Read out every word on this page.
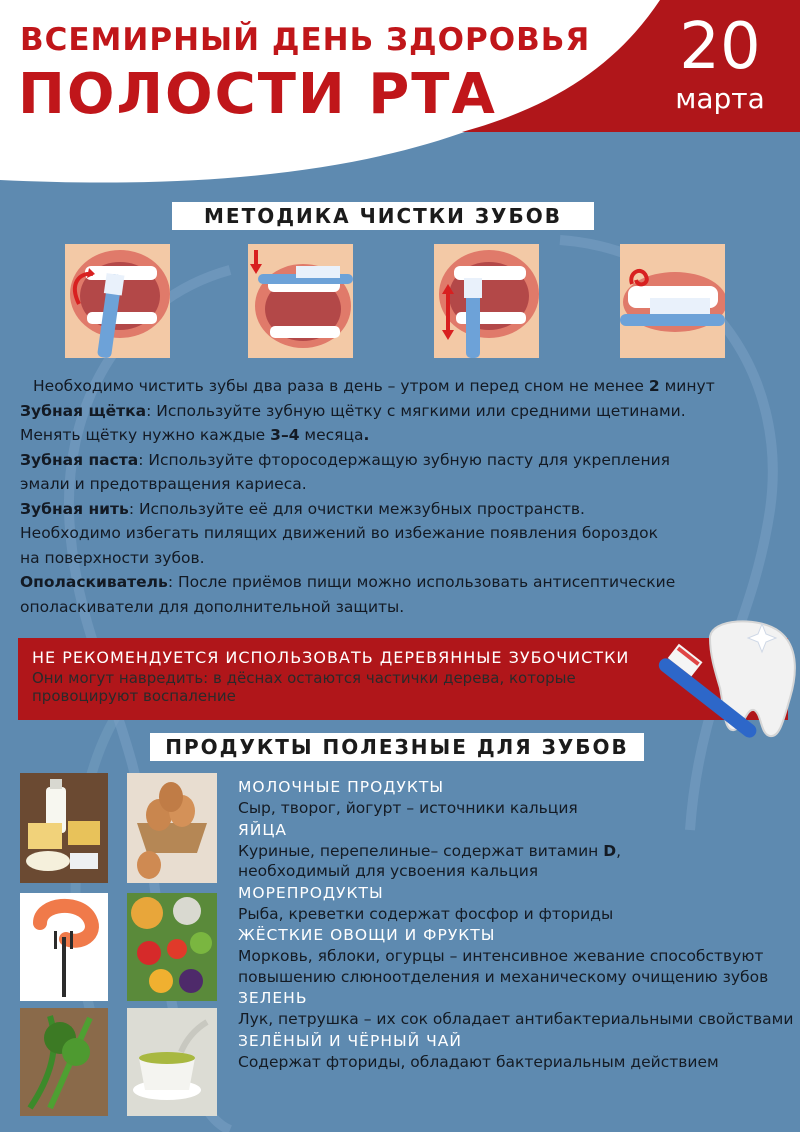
ВСЕМИРНЫЙ ДЕНЬ ЗДОРОВЬЯ
ПОЛОСТИ РТА
20
марта
МЕТОДИКА ЧИСТКИ ЗУБОВ

Необходимо чистить зубы два раза в день – утром и перед сном не менее 2 минут

Зубная щётка: Используйте зубную щётку с мягкими или средними щетинами.

Менять щётку нужно каждые 3–4 месяца.

Зубная паста: Используйте фторосодержащую зубную пасту для укрепления

эмали и предотвращения кариеса.

Зубная нить: Используйте её для очистки межзубных пространств.

Необходимо избегать пилящих движений во избежание появления бороздок

на поверхности зубов.

Ополаскиватель: После приёмов пищи можно использовать антисептические

ополаскиватели для дополнительной защиты.

НЕ РЕКОМЕНДУЕТСЯ ИСПОЛЬЗОВАТЬ ДЕРЕВЯННЫЕ ЗУБОЧИСТКИ
Они могут навредить: в дёснах остаются частички дерева, которые провоцируют воспаление
ПРОДУКТЫ ПОЛЕЗНЫЕ ДЛЯ ЗУБОВ
МОЛОЧНЫЕ ПРОДУКТЫ
Сыр, творог, йогурт – источники кальция
ЯЙЦА
Куриные, перепелиные– содержат витамин D,
необходимый для усвоения кальция
МОРЕПРОДУКТЫ
Рыба, креветки содержат фосфор и фториды
ЖЁСТКИЕ ОВОЩИ И ФРУКТЫ
Морковь, яблоки, огурцы – интенсивное жевание способствуют повышению слюноотделения и механическому очищению зубов
ЗЕЛЕНЬ
Лук, петрушка – их сок обладает антибактериальными свойствами
ЗЕЛЁНЫЙ И ЧЁРНЫЙ ЧАЙ
Содержат фториды, обладают бактериальным действием
